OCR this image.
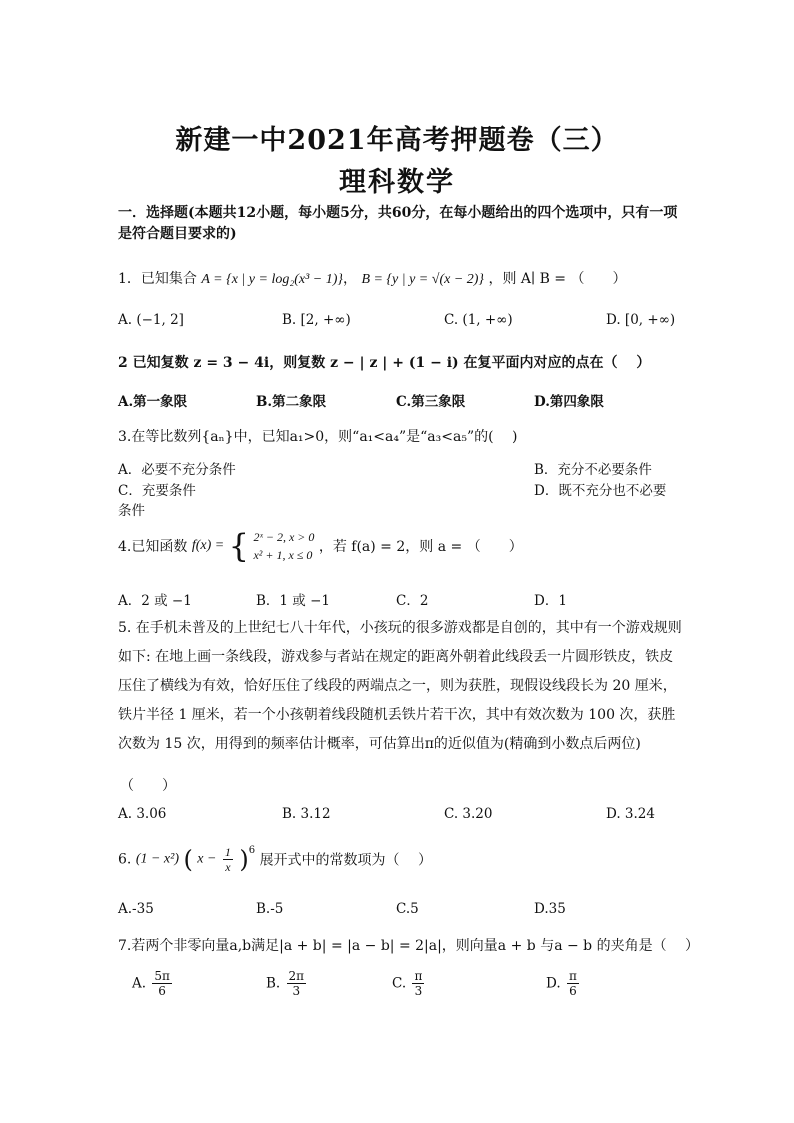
新建一中2021年高考押题卷（三）
理科数学
一．选择题(本题共12小题，每小题5分，共60分，在每小题给出的四个选项中，只有一项是符合题目要求的)
1．已知集合 A = {x | y = log₂(x³ − 1)}， B = {y | y = √(x − 2)} ，则 A∣ B = （　　）
A. (−1, 2]	B. [2, +∞)	C. (1, +∞)	D. [0, +∞)
2 已知复数 z = 3 − 4i，则复数 z − | z | + (1 − i) 在复平面内对应的点在（　 ）
A.第一象限	B.第二象限	C.第三象限	D.第四象限
3.在等比数列{aₙ}中，已知a₁>0，则“a₁<a₄”是“a₃<a₅”的(　 )
A．必要不充分条件	B．充分不必要条件
C．充要条件	D．既不充分也不必要
条件
4.已知函数 f(x) = { 2ˣ − 2, x > 0
x² + 1, x ≤ 0 ，若 f(a) = 2，则 a = （　　）
A．2 或 −1	B．1 或 −1	C．2	D．1
5. 在手机未普及的上世纪七八十年代，小孩玩的很多游戏都是自创的，其中有一个游戏规则如下: 在地上画一条线段，游戏参与者站在规定的距离外朝着此线段丢一片圆形铁皮，铁皮压住了横线为有效，恰好压住了线段的两端点之一，则为获胜，现假设线段长为 20 厘米，铁片半径 1 厘米，若一个小孩朝着线段随机丢铁片若干次，其中有效次数为 100 次，获胜次数为 15 次，用得到的频率估计概率，可估算出π的近似值为(精确到小数点后两位)
（　　）
A. 3.06	B. 3.12	C. 3.20	D. 3.24
6. (1 − x²) ( $x - \frac{1}{x} )^6$ 展开式中的常数项为（　 ）
A.-35	B.-5	C.5	D.35
7.若两个非零向量a,b满足|a + b| = |a − b| = 2|a|，则向量a + b 与a − b 的夹角是（　 ）
A. $\frac{5\pi}{6}$	B. $\frac{2\pi}{3}$	C. $\frac{\pi}{3}$	D. $\frac{\pi}{6}$
